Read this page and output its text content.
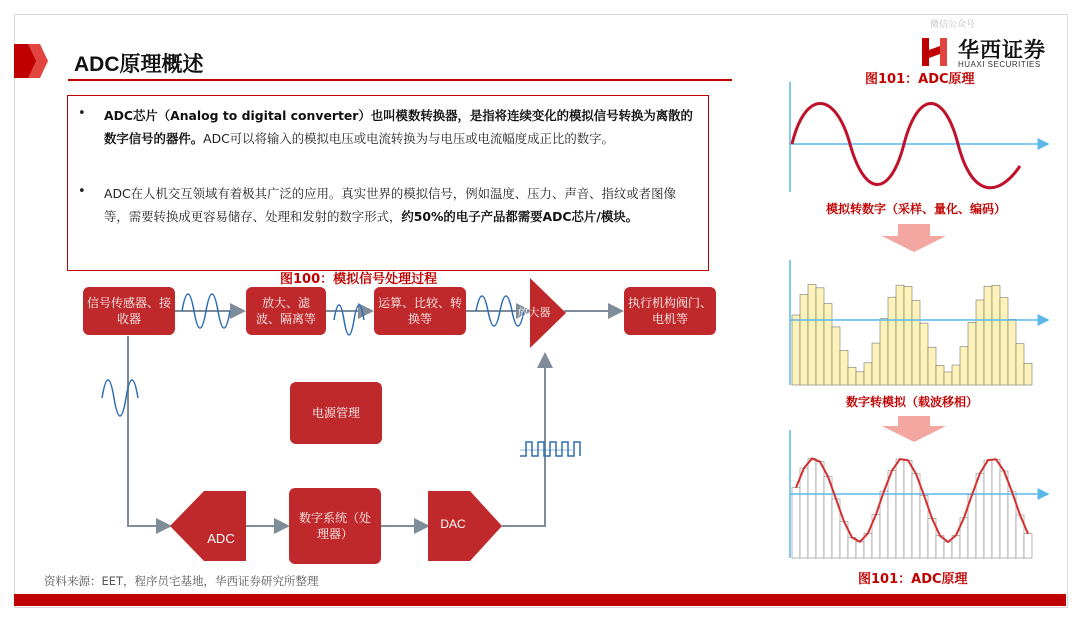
微信公众号
ADC原理概述
华西证券
HUAXI SECURITIES
• ADC芯片（Analog to digital converter）也叫模数转换器，是指将连续变化的模拟信号转换为离散的数字信号的器件。ADC可以将输入的模拟电压或电流转换为与电压或电流幅度成正比的数字。
• ADC在人机交互领域有着极其广泛的应用。真实世界的模拟信号，例如温度、压力、声音、指纹或者图像等，需要转换成更容易储存、处理和发射的数字形式，约50%的电子产品都需要ADC芯片/模块。
图100：模拟信号处理过程
信号传感器、接收器
放大、滤波、隔离等
运算、比较、转换等	放大器
执行机构阀门、电机等
电源管理
ADC
数字系统（处理器）
DAC
图101：ADC原理
模拟转数字（采样、量化、编码）
数字转模拟（载波移相）
图101：ADC原理
资料来源：EET，程序员宅基地，华西证券研究所整理
